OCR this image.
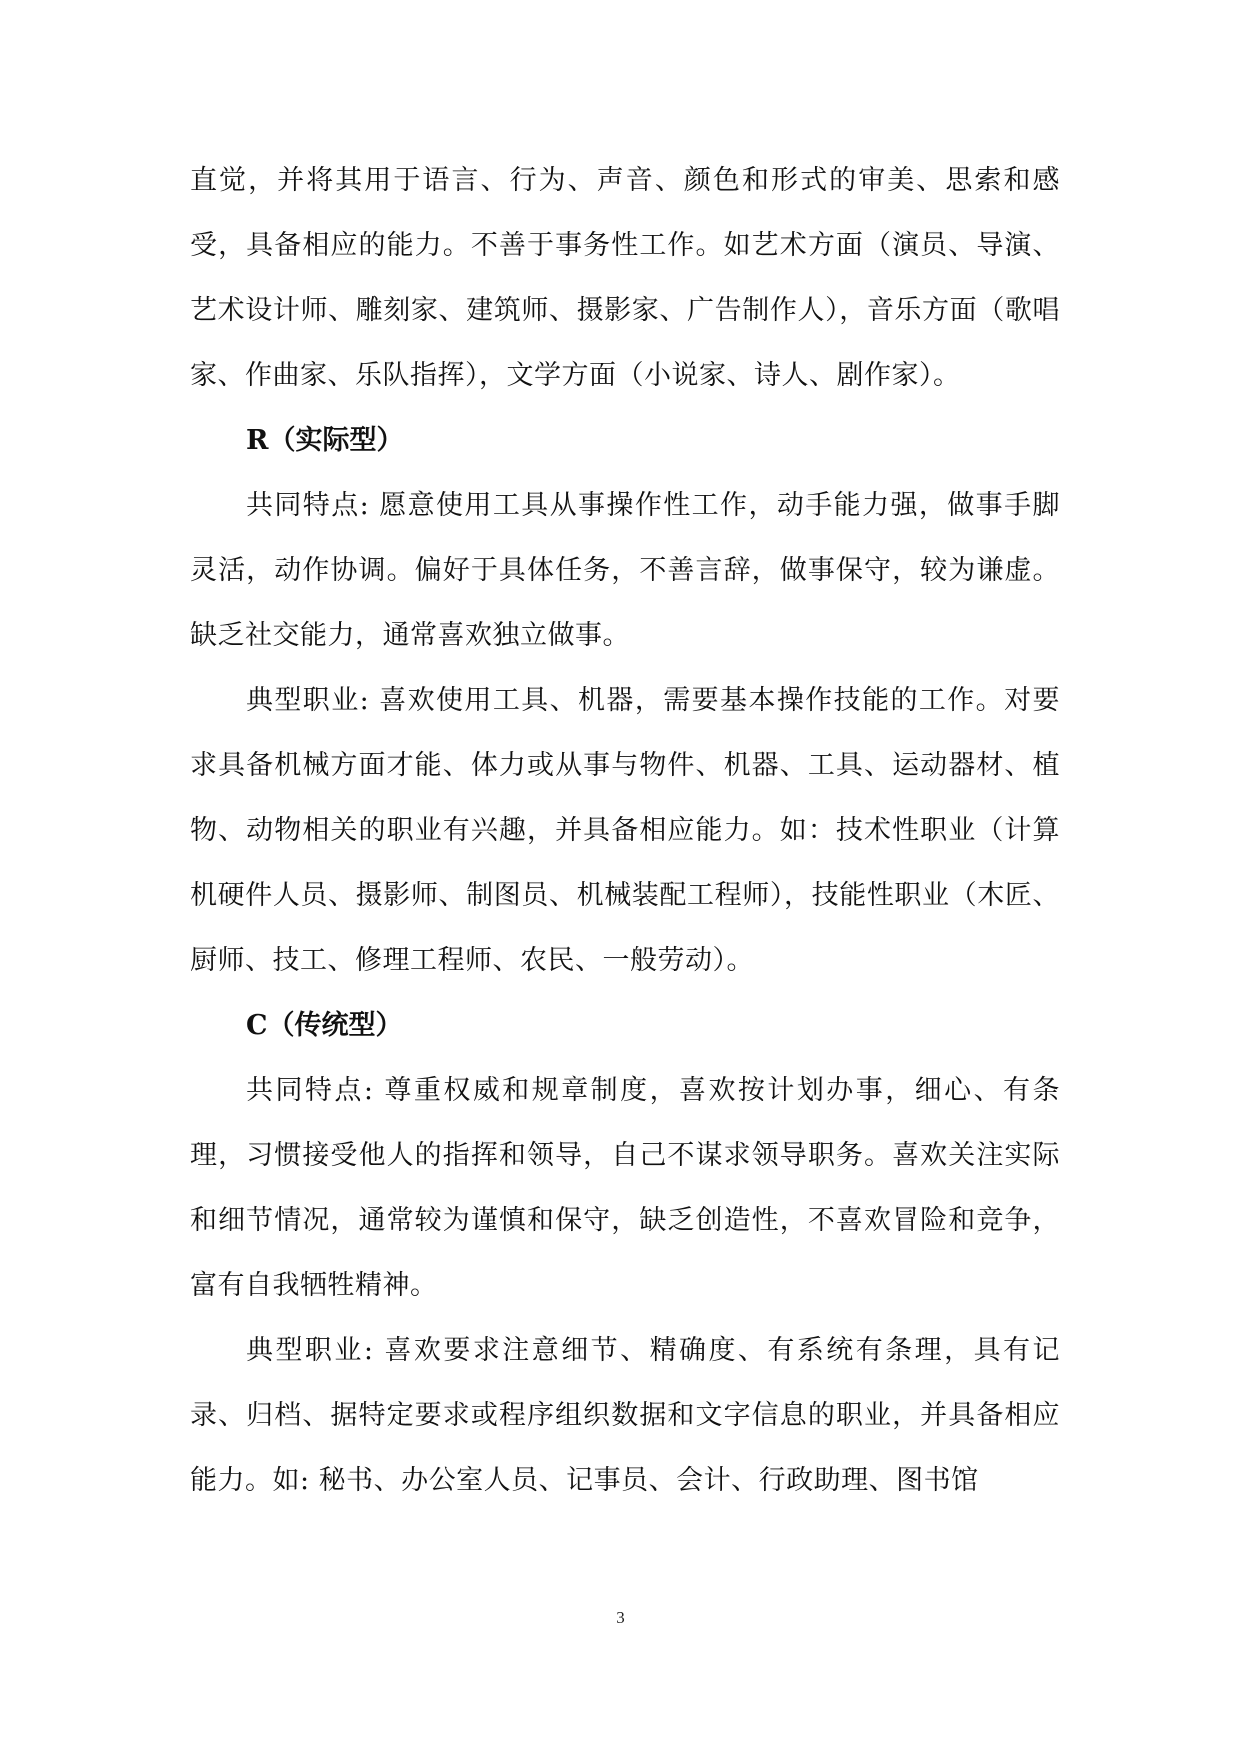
直觉，并将其用于语言、行为、声音、颜色和形式的审美、思索和感受，具备相应的能力。不善于事务性工作。如艺术方面（演员、导演、艺术设计师、雕刻家、建筑师、摄影家、广告制作人），音乐方面（歌唱家、作曲家、乐队指挥），文学方面（小说家、诗人、剧作家）。

R（实际型）

共同特点: 愿意使用工具从事操作性工作，动手能力强，做事手脚灵活，动作协调。偏好于具体任务，不善言辞，做事保守，较为谦虚。缺乏社交能力，通常喜欢独立做事。

典型职业: 喜欢使用工具、机器，需要基本操作技能的工作。对要求具备机械方面才能、体力或从事与物件、机器、工具、运动器材、植物、动物相关的职业有兴趣，并具备相应能力。如：技术性职业（计算机硬件人员、摄影师、制图员、机械装配工程师），技能性职业（木匠、厨师、技工、修理工程师、农民、一般劳动）。

C（传统型）

共同特点: 尊重权威和规章制度，喜欢按计划办事，细心、有条理，习惯接受他人的指挥和领导，自己不谋求领导职务。喜欢关注实际和细节情况，通常较为谨慎和保守，缺乏创造性，不喜欢冒险和竞争，富有自我牺牲精神。

典型职业: 喜欢要求注意细节、精确度、有系统有条理，具有记录、归档、据特定要求或程序组织数据和文字信息的职业，并具备相应能力。如: 秘书、办公室人员、记事员、会计、行政助理、图书馆

3
